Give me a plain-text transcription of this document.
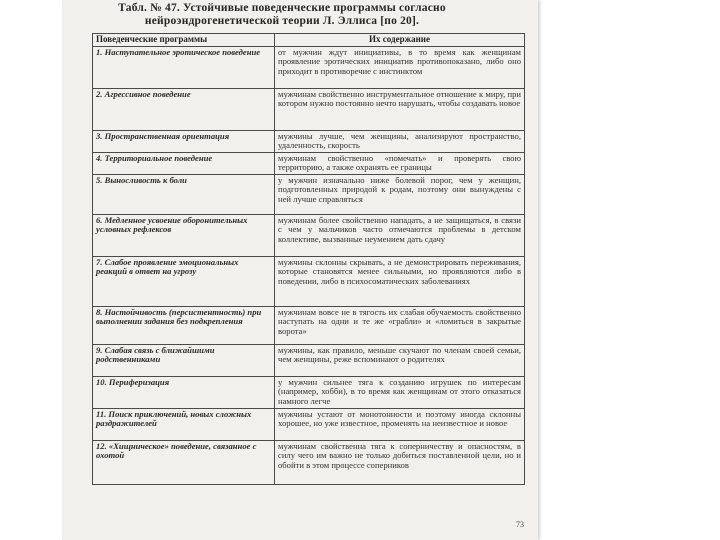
Табл. № 47. Устойчивые поведенческие программы согласно
нейроэндрогенетической теории Л. Эллиса [по 20].
Поведенческие программы	Их содержание
1. Наступательное эротическое поведение	от мужчин ждут инициативы, в то время как женщинам проявление эротических инициатив противопоказано, либо оно приходит в противоречие с инстинктом
2. Агрессивное поведение	мужчинам свойственно инструментальное отношение к миру, при котором нужно постоянно нечто нарушать, чтобы создавать новое
3. Пространственная ориентация	мужчины лучше, чем женщины, анализируют пространство, удаленность, скорость
4. Территориальное поведение	мужчинам свойственно «помечать» и проверять свою территорию, а также охранять ее границы
5. Выносливость к боли	у мужчин изначально ниже болевой порог, чем у женщин, подготовленных природой к родам, поэтому они вынуждены с ней лучше справляться
6. Медленное усвоение оборонительных условных рефлексов	мужчинам более свойственно нападать, а не защищаться, в связи с чем у мальчиков часто отмечаются проблемы в детском коллективе, вызванные неумением дать сдачу
7. Слабое проявление эмоциональных реакций в ответ на угрозу	мужчины склонны скрывать, а не демонстрировать переживания, которые становятся менее сильными, но проявляются либо в поведении, либо в психосоматических заболеваниях
8. Настойчивость (персистентность) при выполнении задания без подкрепления	мужчинам вовсе не в тягость их слабая обучаемость свойственно наступать на одни и те же «грабли» и «ломиться в закрытые ворота»
9. Слабая связь с ближайшими родственниками	мужчины, как правило, меньше скучают по членам своей семьи, чем женщины, реже вспоминают о родителях
10. Периферизация	у мужчин сильнее тяга к созданию игрушек по интересам (например, хобби), в то время как женщинам от этого отказаться намного легче
11. Поиск приключений, новых сложных раздражителей	мужчины устают от монотонности и поэтому иногда склонны хорошее, но уже известное, променять на неизвестное и новое
12. «Хищническое» поведение, связанное с охотой	мужчинам свойственна тяга к соперничеству и опасностям, в силу чего им важно не только добиться поставленной цели, но и обойти в этом процессе соперников
73
